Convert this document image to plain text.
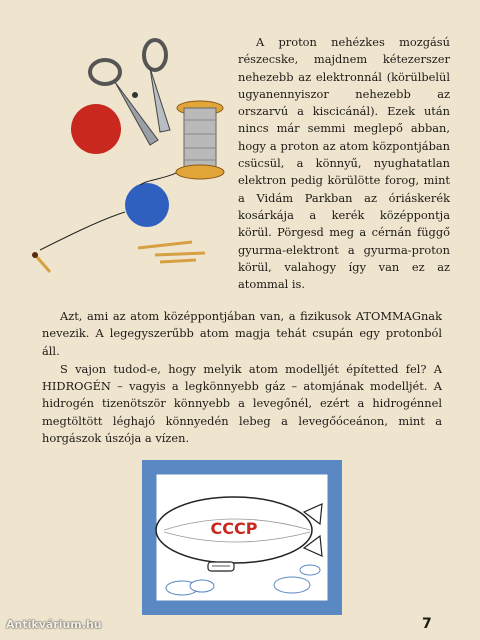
A proton nehézkes mozgású részecske, majdnem kétezerszer nehezebb az elektronnál (körülbelül ugyanennyiszor nehezebb az orszarvú a kiscicánál). Ezek után nincs már semmi meglepő abban, hogy a proton az atom központjában csücsül, a könnyű, nyughatatlan elektron pedig körülötte forog, mint a Vidám Parkban az óriáskerék kosárkája a kerék középpontja körül. Pörgesd meg a cérnán függő gyurma-elektront a gyurma-proton körül, valahogy így van ez az atommal is.

Azt, ami az atom középpontjában van, a fizikusok ATOMMAGnak nevezik. A legegyszerűbb atom magja tehát csupán egy protonból áll.

S vajon tudod-e, hogy melyik atom modelljét építetted fel? A HIDROGÉN – vagyis a legkönnyebb gáz – atomjának modelljét. A hidrogén tizenötször könnyebb a levegőnél, ezért a hidrogénnel megtöltött léghajó könnyedén lebeg a levegőóceánon, mint a horgászok úszója a vízen.

CCCP
Antikvárium.hu	7
